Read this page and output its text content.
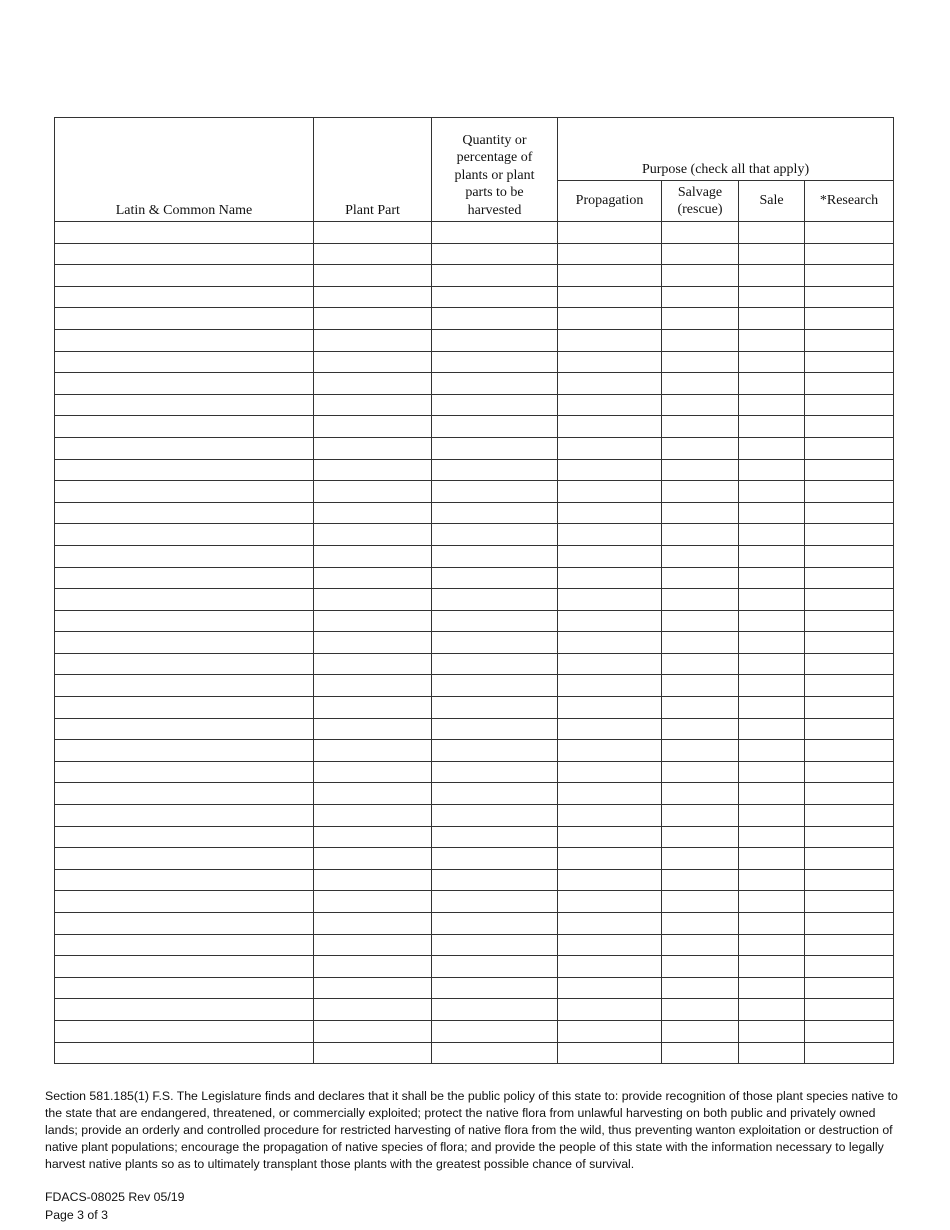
Latin & Common Name	Plant Part	Quantity or percentage of plants or plant parts to be harvested	Purpose (check all that apply)			
			Propagation	Salvage (rescue)	Sale	*Research

Section 581.185(1) F.S. The Legislature finds and declares that it shall be the public policy of this state to: provide recognition of those plant species native to the state that are endangered, threatened, or commercially exploited; protect the native flora from unlawful harvesting on both public and privately owned lands; provide an orderly and controlled procedure for restricted harvesting of native flora from the wild, thus preventing wanton exploitation or destruction of native plant populations; encourage the propagation of native species of flora; and provide the people of this state with the information necessary to legally harvest native plants so as to ultimately transplant those plants with the greatest possible chance of survival.

FDACS-08025 Rev 05/19
Page 3 of 3
